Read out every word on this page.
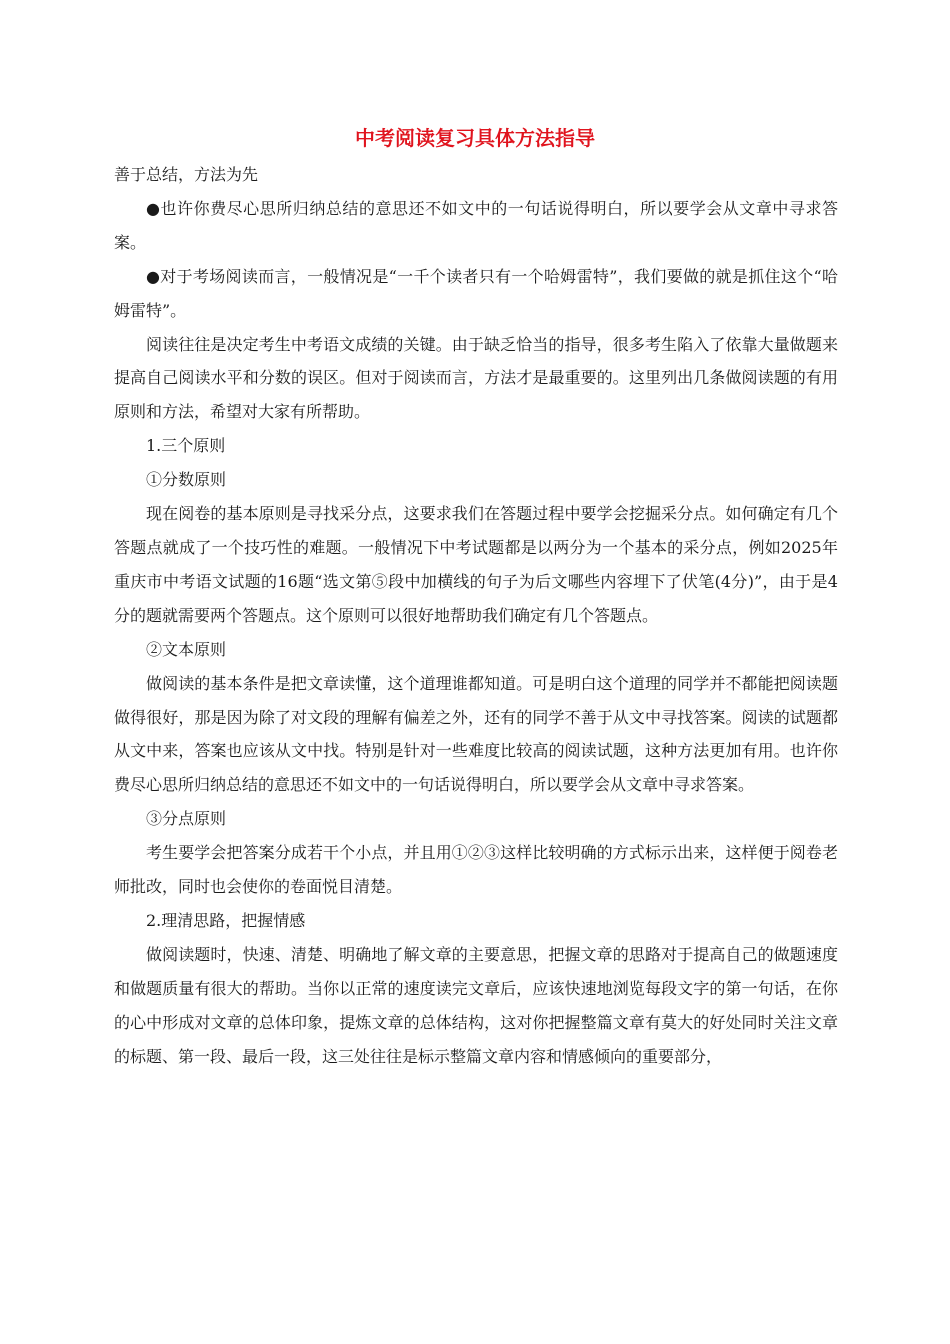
中考阅读复习具体方法指导

善于总结，方法为先

●也许你费尽心思所归纳总结的意思还不如文中的一句话说得明白，所以要学会从文章中寻求答案。

●对于考场阅读而言，一般情况是“一千个读者只有一个哈姆雷特”，我们要做的就是抓住这个“哈姆雷特”。

阅读往往是决定考生中考语文成绩的关键。由于缺乏恰当的指导，很多考生陷入了依靠大量做题来提高自己阅读水平和分数的误区。但对于阅读而言，方法才是最重要的。这里列出几条做阅读题的有用原则和方法，希望对大家有所帮助。

1.三个原则

①分数原则

现在阅卷的基本原则是寻找采分点，这要求我们在答题过程中要学会挖掘采分点。如何确定有几个答题点就成了一个技巧性的难题。一般情况下中考试题都是以两分为一个基本的采分点，例如2025年重庆市中考语文试题的16题“选文第⑤段中加横线的句子为后文哪些内容埋下了伏笔(4分)”，由于是4分的题就需要两个答题点。这个原则可以很好地帮助我们确定有几个答题点。

②文本原则

做阅读的基本条件是把文章读懂，这个道理谁都知道。可是明白这个道理的同学并不都能把阅读题做得很好，那是因为除了对文段的理解有偏差之外，还有的同学不善于从文中寻找答案。阅读的试题都从文中来，答案也应该从文中找。特别是针对一些难度比较高的阅读试题，这种方法更加有用。也许你费尽心思所归纳总结的意思还不如文中的一句话说得明白，所以要学会从文章中寻求答案。

③分点原则

考生要学会把答案分成若干个小点，并且用①②③这样比较明确的方式标示出来，这样便于阅卷老师批改，同时也会使你的卷面悦目清楚。

2.理清思路，把握情感

做阅读题时，快速、清楚、明确地了解文章的主要意思，把握文章的思路对于提高自己的做题速度和做题质量有很大的帮助。当你以正常的速度读完文章后，应该快速地浏览每段文字的第一句话，在你的心中形成对文章的总体印象，提炼文章的总体结构，这对你把握整篇文章有莫大的好处同时关注文章的标题、第一段、最后一段，这三处往往是标示整篇文章内容和情感倾向的重要部分，
